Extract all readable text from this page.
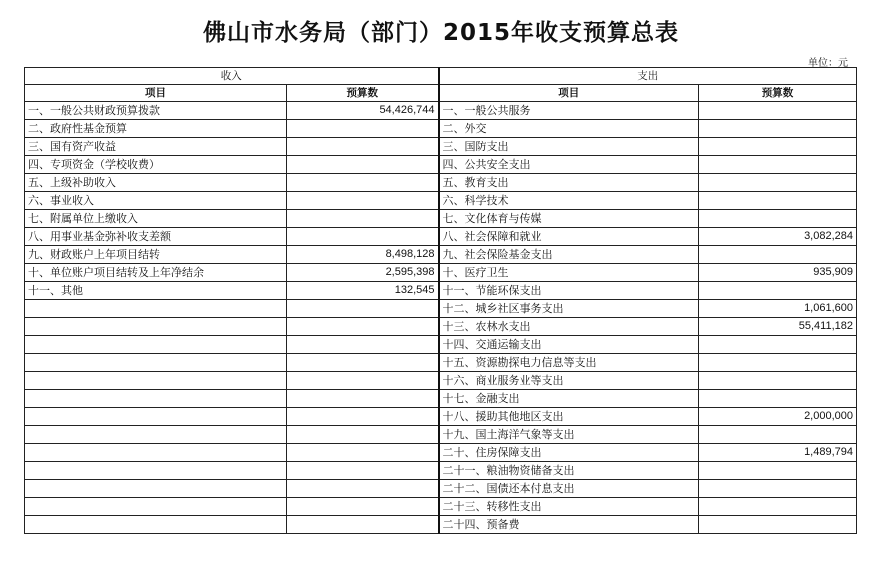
佛山市水务局（部门）2015年收支预算总表
单位：元
收入		支出	
项目	预算数	项目	预算数
一、一般公共财政预算拨款	54,426,744	一、一般公共服务	
二、政府性基金预算		二、外交	
三、国有资产收益		三、国防支出	
四、专项资金（学校收费）		四、公共安全支出	
五、上级补助收入		五、教育支出	
六、事业收入		六、科学技术	
七、附属单位上缴收入		七、文化体育与传媒	
八、用事业基金弥补收支差额		八、社会保障和就业	3,082,284
九、财政账户上年项目结转	8,498,128	九、社会保险基金支出	
十、单位账户项目结转及上年净结余	2,595,398	十、医疗卫生	935,909
十一、其他	132,545	十一、节能环保支出	
		十二、城乡社区事务支出	1,061,600
		十三、农林水支出	55,411,182
		十四、交通运输支出	
		十五、资源勘探电力信息等支出	
		十六、商业服务业等支出	
		十七、金融支出	
		十八、援助其他地区支出	2,000,000
		十九、国土海洋气象等支出	
		二十、住房保障支出	1,489,794
		二十一、粮油物资储备支出	
		二十二、国债还本付息支出	
		二十三、转移性支出	
		二十四、预备费	
